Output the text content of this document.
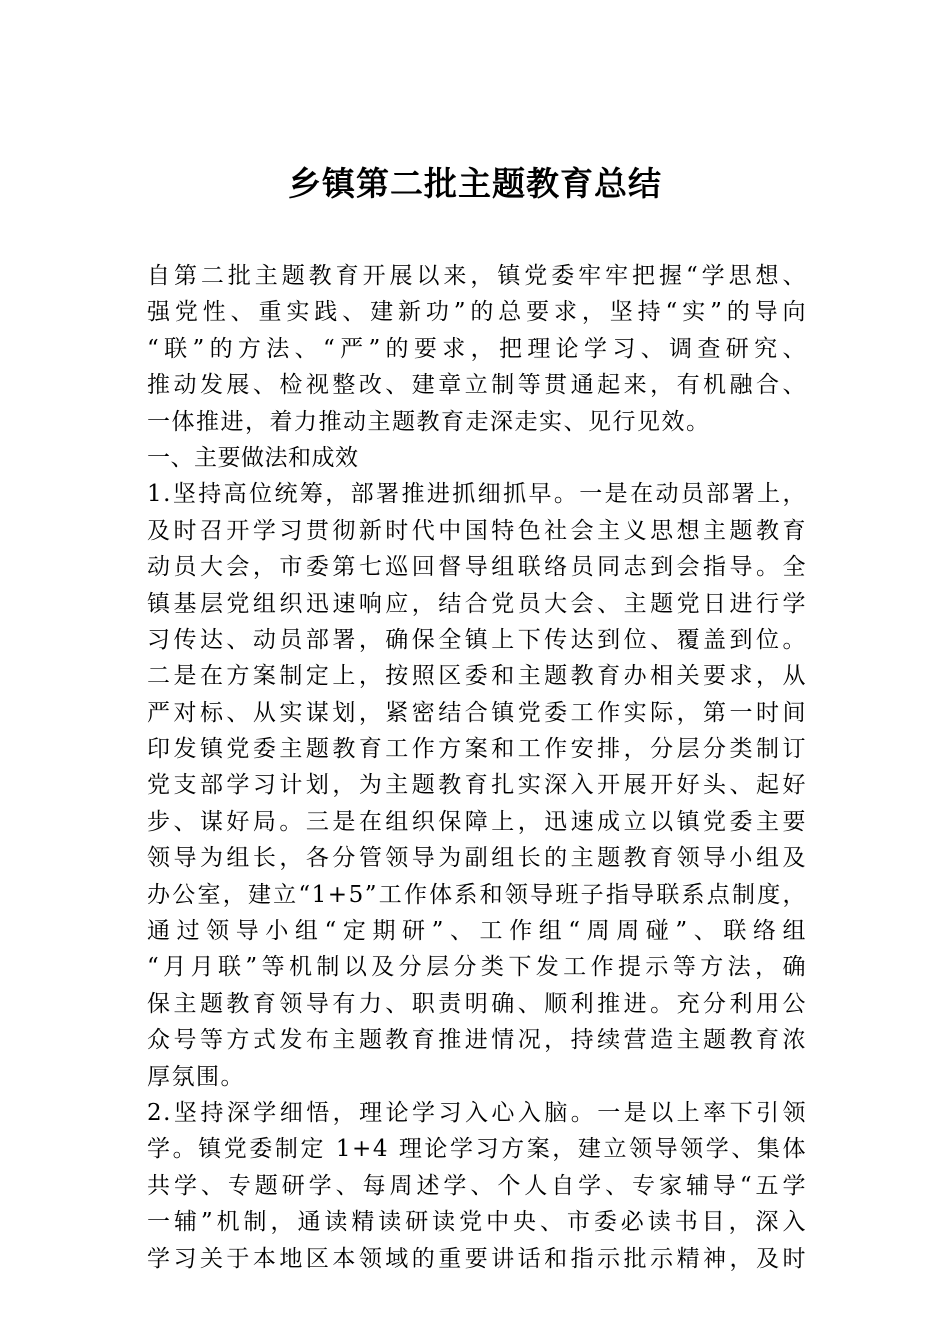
乡镇第二批主题教育总结
自第二批主题教育开展以来，镇党委牢牢把握“学思想、
强党性、重实践、建新功”的总要求，坚持“实”的导向
“联”的方法、“严”的要求，把理论学习、调查研究、
推动发展、检视整改、建章立制等贯通起来，有机融合、
一体推进，着力推动主题教育走深走实、见行见效。
一、主要做法和成效
1.坚持高位统筹，部署推进抓细抓早。一是在动员部署上，
及时召开学习贯彻新时代中国特色社会主义思想主题教育
动员大会，市委第七巡回督导组联络员同志到会指导。全
镇基层党组织迅速响应，结合党员大会、主题党日进行学
习传达、动员部署，确保全镇上下传达到位、覆盖到位。
二是在方案制定上，按照区委和主题教育办相关要求，从
严对标、从实谋划，紧密结合镇党委工作实际，第一时间
印发镇党委主题教育工作方案和工作安排，分层分类制订
党支部学习计划，为主题教育扎实深入开展开好头、起好
步、谋好局。三是在组织保障上，迅速成立以镇党委主要
领导为组长，各分管领导为副组长的主题教育领导小组及
办公室，建立“1+5”工作体系和领导班子指导联系点制度，
通过领导小组“定期研”、工作组“周周碰”、联络组
“月月联”等机制以及分层分类下发工作提示等方法，确
保主题教育领导有力、职责明确、顺利推进。充分利用公
众号等方式发布主题教育推进情况，持续营造主题教育浓
厚氛围。
2.坚持深学细悟，理论学习入心入脑。一是以上率下引领
学。镇党委制定 1+4 理论学习方案，建立领导领学、集体
共学、专题研学、每周述学、个人自学、专家辅导“五学
一辅”机制，通读精读研读党中央、市委必读书目，深入
学习关于本地区本领域的重要讲话和指示批示精神，及时
